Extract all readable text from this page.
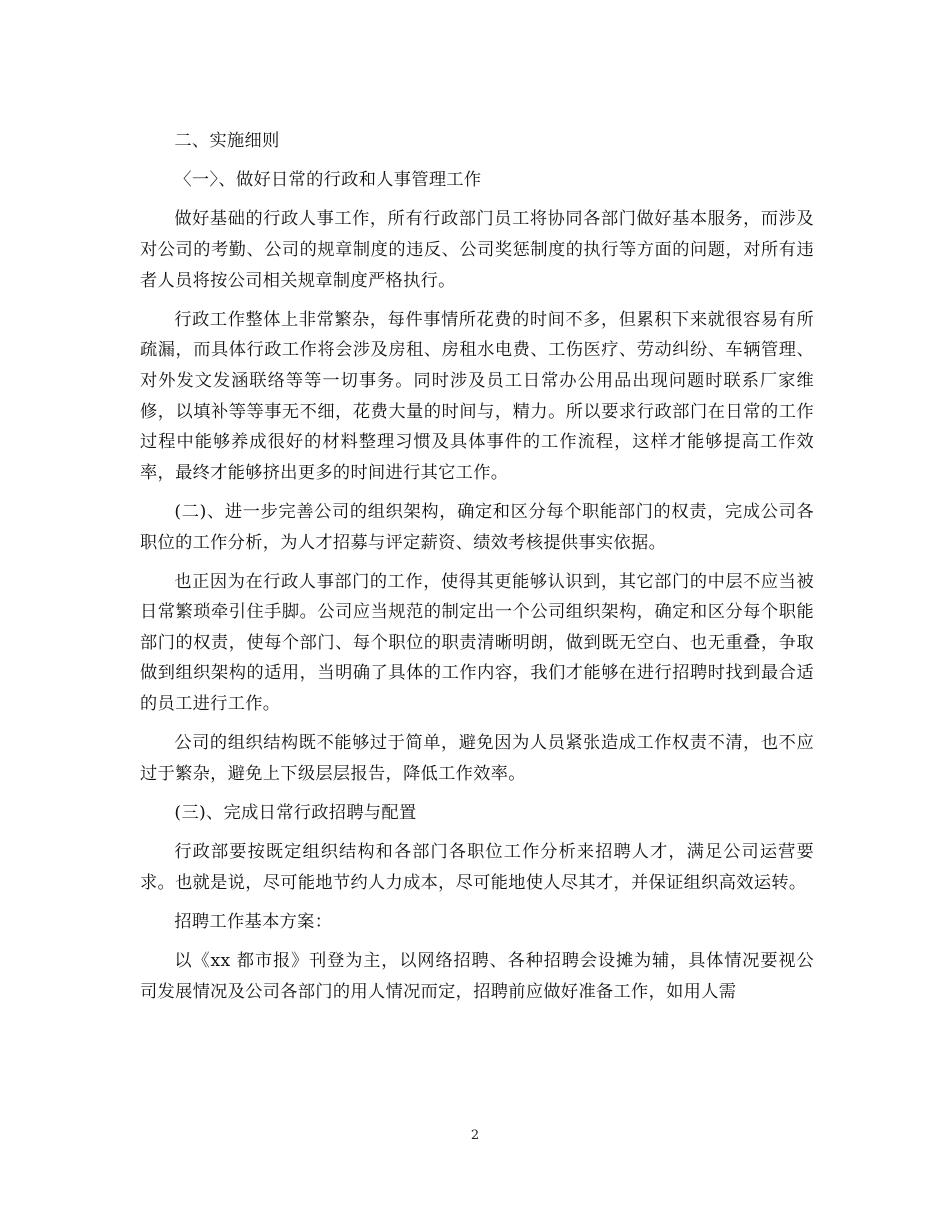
二、实施细则

〈一〉、做好日常的行政和人事管理工作

做好基础的行政人事工作，所有行政部门员工将协同各部门做好基本服务，而涉及对公司的考勤、公司的规章制度的违反、公司奖惩制度的执行等方面的问题，对所有违者人员将按公司相关规章制度严格执行。

行政工作整体上非常繁杂，每件事情所花费的时间不多，但累积下来就很容易有所疏漏，而具体行政工作将会涉及房租、房租水电费、工伤医疗、劳动纠纷、车辆管理、对外发文发涵联络等等一切事务。同时涉及员工日常办公用品出现问题时联系厂家维修，以填补等等事无不细，花费大量的时间与，精力。所以要求行政部门在日常的工作过程中能够养成很好的材料整理习惯及具体事件的工作流程，这样才能够提高工作效率，最终才能够挤出更多的时间进行其它工作。

(二)、进一步完善公司的组织架构，确定和区分每个职能部门的权责，完成公司各职位的工作分析，为人才招募与评定薪资、绩效考核提供事实依据。

也正因为在行政人事部门的工作，使得其更能够认识到，其它部门的中层不应当被日常繁琐牵引住手脚。公司应当规范的制定出一个公司组织架构，确定和区分每个职能部门的权责，使每个部门、每个职位的职责清晰明朗，做到既无空白、也无重叠，争取做到组织架构的适用，当明确了具体的工作内容，我们才能够在进行招聘时找到最合适的员工进行工作。

公司的组织结构既不能够过于简单，避免因为人员紧张造成工作权责不清，也不应过于繁杂，避免上下级层层报告，降低工作效率。

(三)、完成日常行政招聘与配置

行政部要按既定组织结构和各部门各职位工作分析来招聘人才，满足公司运营要求。也就是说，尽可能地节约人力成本，尽可能地使人尽其才，并保证组织高效运转。

招聘工作基本方案：

以《xx 都市报》刊登为主，以网络招聘、各种招聘会设摊为辅，具体情况要视公司发展情况及公司各部门的用人情况而定，招聘前应做好准备工作，如用人需

2
